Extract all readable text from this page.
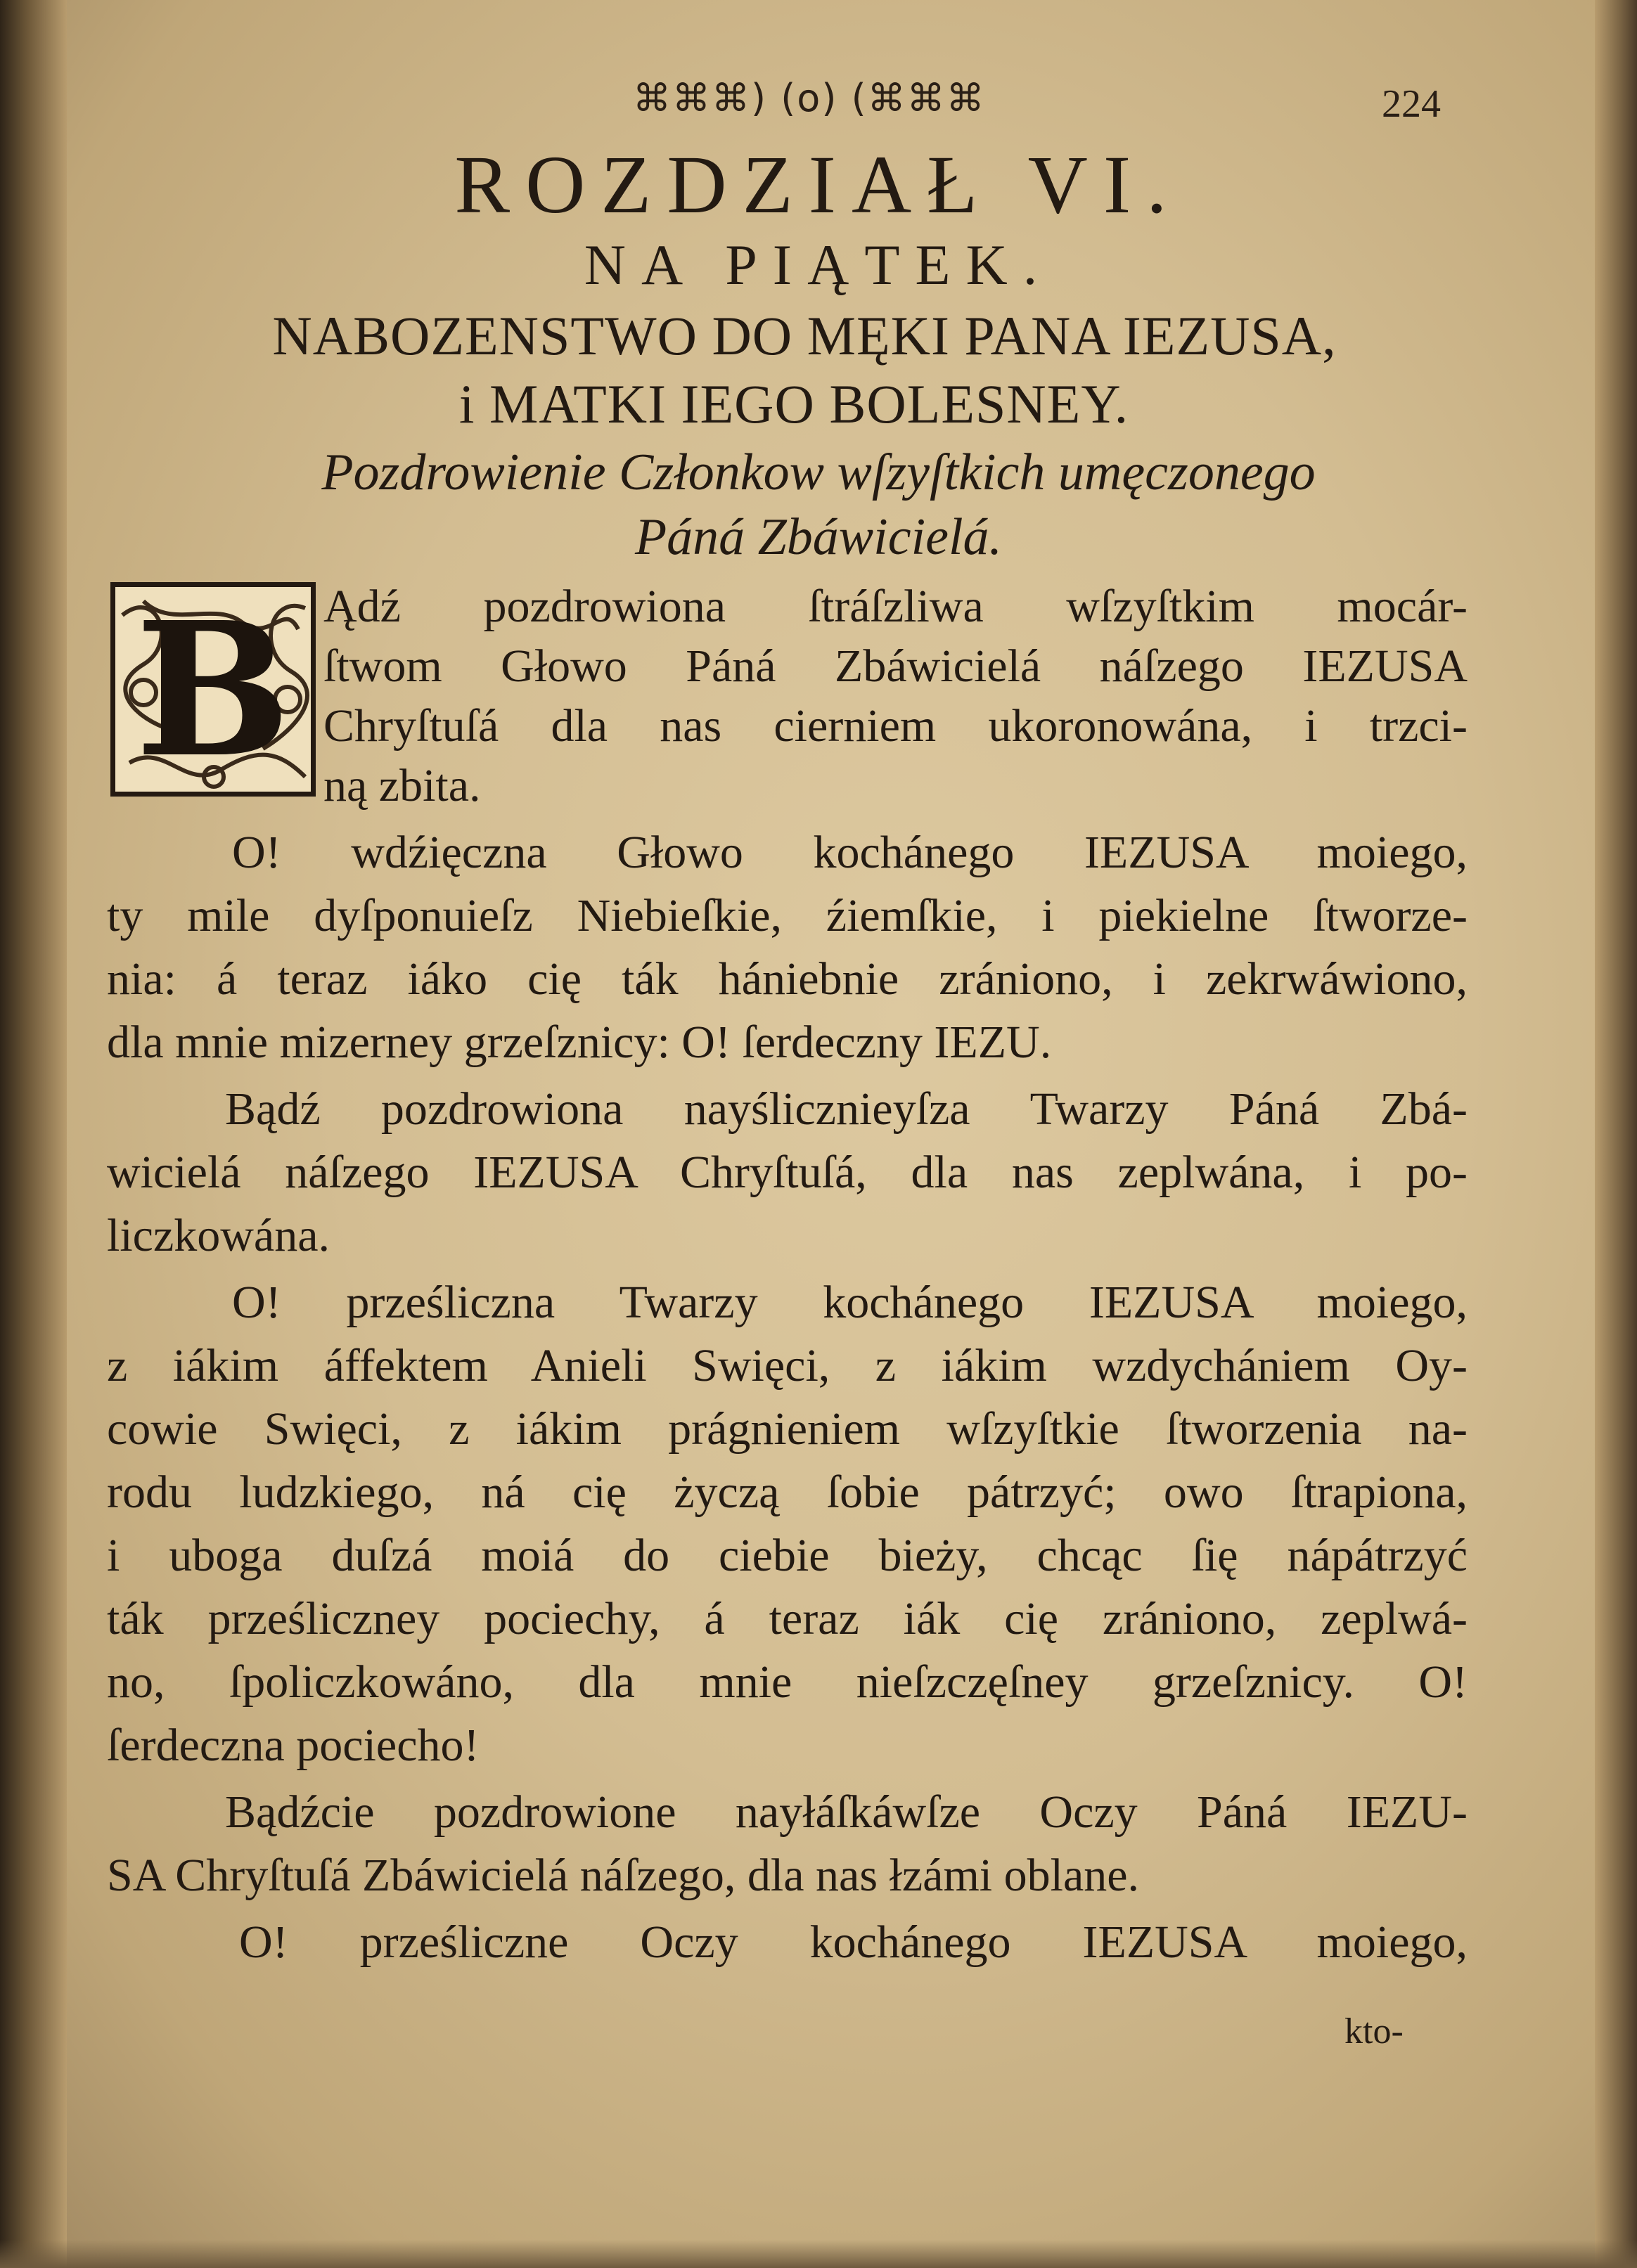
⌘⌘⌘) (o) (⌘⌘⌘	224
ROZDZIAŁ VI.
NA PIĄTEK.
NABOZENSTWO DO MĘKI PANA IEZUSA,
i MATKI IEGO BOLESNEY.
Pozdrowienie Członkow wſzyſtkich umęczonego
Páná Zbáwicielá.
B Ądź pozdrowiona ſtráſzliwa wſzyſtkim mocár-
ſtwom Głowo Páná Zbáwicielá náſzego IEZUSA
Chryſtuſá dla nas cierniem ukoronowána, i trzci-
ną zbita.
O! wdźięczna Głowo kochánego IEZUSA moiego,
ty mile dyſponuieſz Niebieſkie, źiemſkie, i piekielne ſtworze-
nia: á teraz iáko cię ták hániebnie zrániono, i zekrwáwiono,
dla mnie mizerney grzeſznicy: O! ſerdeczny IEZU.
Bądź pozdrowiona nayślicznieyſza Twarzy Páná Zbá-
wicielá náſzego IEZUSA Chryſtuſá, dla nas zeplwána, i po-
liczkowána.
O! prześliczna Twarzy kochánego IEZUSA moiego,
z iákim áffektem Anieli Swięci, z iákim wzdychániem Oy-
cowie Swięci, z iákim prágnieniem wſzyſtkie ſtworzenia na-
rodu ludzkiego, ná cię życzą ſobie pátrzyć; owo ſtrapiona,
i uboga duſzá moiá do ciebie bieży, chcąc ſię nápátrzyć
ták prześliczney pociechy, á teraz iák cię zrániono, zeplwá-
no, ſpoliczkowáno, dla mnie nieſzczęſney grzeſznicy. O!
ſerdeczna pociecho!
Bądźcie pozdrowione nayłáſkáwſze Oczy Páná IEZU-
SA Chryſtuſá Zbáwicielá náſzego, dla nas łzámi oblane.
O! prześliczne Oczy kochánego IEZUSA moiego,
kto-
